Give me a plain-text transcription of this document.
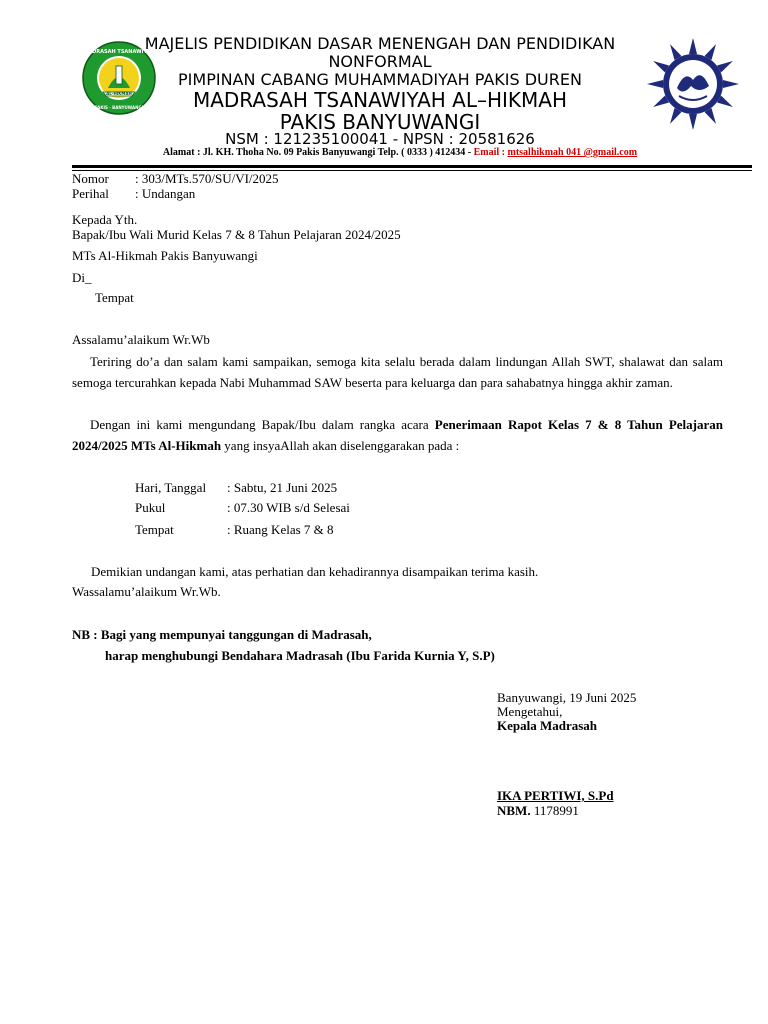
MADRASAH TSANAWIYAH
AL-HIKMAH
PAKIS · BANYUWANGI
MAJELIS PENDIDIKAN DASAR MENENGAH DAN PENDIDIKAN
NONFORMAL
PIMPINAN CABANG MUHAMMADIYAH PAKIS DUREN
MADRASAH TSANAWIYAH AL–HIKMAH
PAKIS BANYUWANGI
NSM : 121235100041 - NPSN : 20581626
Alamat : Jl. KH. Thoha No. 09 Pakis Banyuwangi Telp. ( 0333 ) 412434 - Email : mtsalhikmah 041 @gmail.com
Nomor : 303/MTs.570/SU/VI/2025
Perihal : Undangan
Kepada Yth.
Bapak/Ibu Wali Murid Kelas 7 & 8 Tahun Pelajaran 2024/2025
MTs Al-Hikmah Pakis Banyuwangi
Di_
Tempat
Assalamu’alaikum Wr.Wb
Teriring do’a dan salam kami sampaikan, semoga kita selalu berada dalam lindungan Allah SWT, shalawat dan salam semoga tercurahkan kepada Nabi Muhammad SAW beserta para keluarga dan para sahabatnya hingga akhir zaman.
Dengan ini kami mengundang Bapak/Ibu dalam rangka acara Penerimaan Rapot Kelas 7 & 8 Tahun Pelajaran 2024/2025 MTs Al-Hikmah yang insyaAllah akan diselenggarakan pada :
Hari, Tanggal : Sabtu, 21 Juni 2025
Pukul	: 07.30 WIB s/d Selesai
Tempat	: Ruang Kelas 7 & 8
Demikian undangan kami, atas perhatian dan kehadirannya disampaikan terima kasih.
Wassalamu’alaikum Wr.Wb.
NB : Bagi yang mempunyai tanggungan di Madrasah,
harap menghubungi Bendahara Madrasah (Ibu Farida Kurnia Y, S.P)
Banyuwangi, 19 Juni 2025
Mengetahui,
Kepala Madrasah
IKA PERTIWI, S.Pd
NBM. 1178991
